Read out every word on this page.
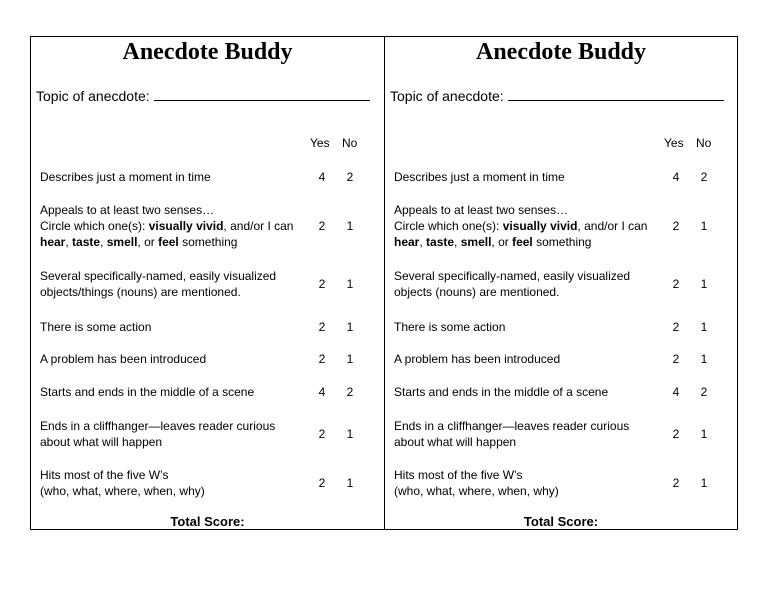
Anecdote Buddy
Topic of anecdote:
Yes No
Describes just a moment in time	4 2
Appeals to at least two senses…
Circle which one(s): visually vivid, and/or I can
hear, taste, smell, or feel something
2 1
Several specifically-named, easily visualized objects/things (nouns) are mentioned.
2 1
There is some action	2 1
A problem has been introduced	2 1
Starts and ends in the middle of a scene	4 2
Ends in a cliffhanger—leaves reader curious about what will happen
2 1
Hits most of the five W’s
(who, what, where, when, why)
2 1
Total Score:
Anecdote Buddy
Topic of anecdote:
Yes No
Describes just a moment in time	4 2
Appeals to at least two senses…
Circle which one(s): visually vivid, and/or I can
hear, taste, smell, or feel something
2 1
Several specifically-named, easily visualized objects (nouns) are mentioned.
2 1
There is some action	2 1
A problem has been introduced	2 1
Starts and ends in the middle of a scene	4 2
Ends in a cliffhanger—leaves reader curious about what will happen
2 1
Hits most of the five W’s
(who, what, where, when, why)
2 1
Total Score:
